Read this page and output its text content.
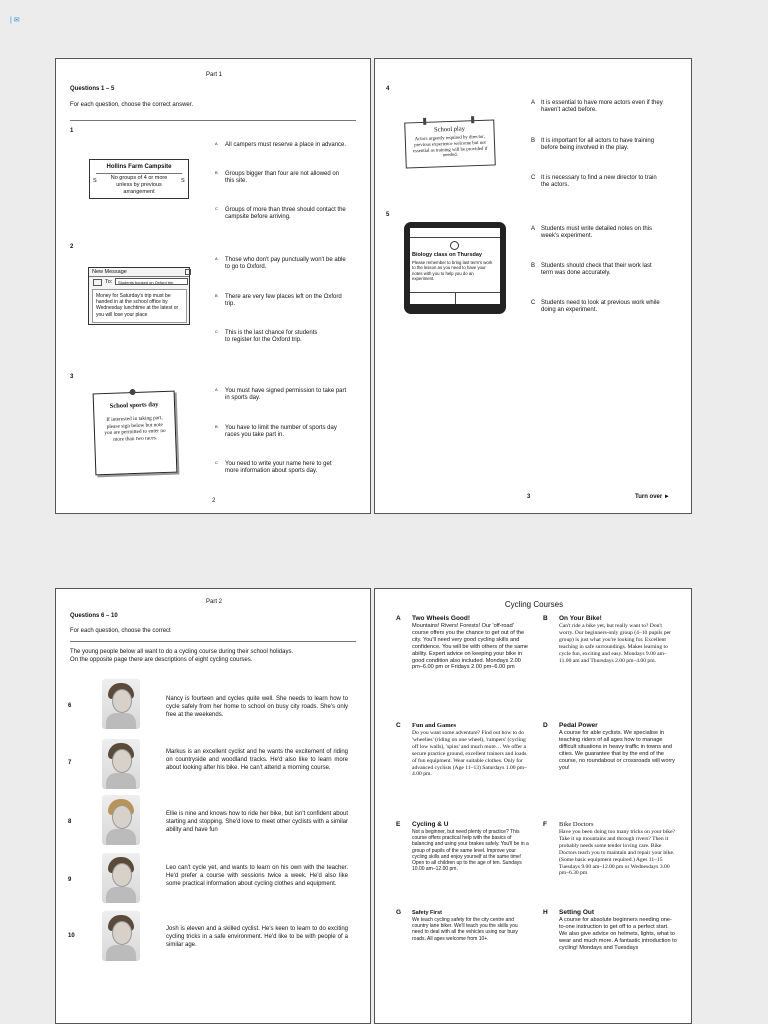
| ✉
Part 1
Questions 1 – 5
For each question, choose the correct answer.
1
Hollins Farm Campsite
No groups of 4 or more unless by previous arrangement
S	S
A All campers must reserve a place in advance.
B Groups bigger than four are not allowed on this site.
C Groups of more than three should contact the campsite before arriving.
2
New Message
To:	Students booked on Oxford trip
Money for Saturday's trip must be handed in at the school office by Wednesday lunchtime at the latest or you will lose your place
A Those who don't pay punctually won't be able to go to Oxford.
B There are very few places left on the Oxford trip.
C This is the last chance for students to register for the Oxford trip.
3
School sports day
If interested in taking part, please sign below but note you are permitted to enter no more than two races.
A You must have signed permission to take part in sports day.
B You have to limit the number of sports day races you take part in.
C You need to write your name here to get more information about sports day.
2
4
School play
Actors urgently required by director, previous experience welcome but not essential as training will be provided if needed.
A It is essential to have more actors even if they haven't acted before.
B It is important for all actors to have training before being involved in the play.
C It is necessary to find a new director to train the actors.
5
Biology class on Thursday
Please remember to bring last term's work to the lesson as you need to have your notes with you to help you do an experiment.
A Students must write detailed notes on this week's experiment.
B Students should check that their work last term was done accurately.
C Students need to look at previous work while doing an experiment.
3	Turn over ►
Part 2
Questions 6 – 10
For each question, choose the correct
The young people below all want to do a cycling course during their school holidays. On the opposite page there are descriptions of eight cycling courses.
6
Nancy is fourteen and cycles quite well. She needs to learn how to cycle safely from her home to school on busy city roads. She's only free at the weekends.
7
Markus is an excellent cyclist and he wants the excitement of riding on countryside and woodland tracks. He'd also like to learn more about looking after his bike. He can't attend a morning course.
8
Ellie is nine and knows how to ride her bike, but isn't confident about starting and stopping. She'd love to meet other cyclists with a similar ability and have fun
9
Leo can't cycle yet, and wants to learn on his own with the teacher. He'd prefer a course with sessions twice a week. He'd also like some practical information about cycling clothes and equipment.
10
Josh is eleven and a skilled cyclist. He's keen to learn to do exciting cycling tricks in a safe environment. He'd like to be with people of a similar age.
Cycling Courses
A Two Wheels Good!
Mountains! Rivers! Forests! Our 'off-road' course offers you the chance to get out of the city. You'll need very good cycling skills and confidence. You will be with others of the same ability. Expert advice on keeping your bike in good condition also included. Mondays 2.00 pm–6.00 pm or Fridays 2.00 pm–6.00 pm
B On Your Bike!
Can't ride a bike yet, but really want to? Don't worry. Our beginners-only group (4–10 pupils per group) is just what you're looking for. Excellent teaching in safe surroundings. Makes learning to cycle fun, exciting and easy. Mondays 9.00 am–11.00 am and Thursdays 2.00 pm–4.00 pm.
C Fun and Games
Do you want some adventure? Find out how to do 'wheelies' (riding on one wheel), 'rampers' (cycling off low walls), 'spins' and much more… We offer a secure practice ground, excellent trainers and loads of fun equipment. Wear suitable clothes. Only for advanced cyclists (Age 11–13) Saturdays 1.00 pm–4.00 pm.
D Pedal Power
A course for able cyclists. We specialise in teaching riders of all ages how to manage difficult situations in heavy traffic in towns and cities. We guarantee that by the end of the course, no roundabout or crossroads will worry you!
E Cycling & U
Not a beginner, but need plenty of practice? This course offers practical help with the basics of balancing and using your brakes safely. You'll be in a group of pupils of the same level. Improve your cycling skills and enjoy yourself at the same time! Open to all children up to the age of ten. Sundays 10.00 am–12.00 pm.
F Bike Doctors
Have you been doing too many tricks on your bike? Take it up mountains and through rivers? Then it probably needs some tender loving care. Bike Doctors teach you to maintain and repair your bike. (Some basic equipment required.) Ages 11–15 Tuesdays 9.00 am–12.00 pm or Wednesdays 3.00 pm–6.30 pm
G Safety First
We teach cycling safety for the city centre and country lane biker. We'll teach you the skills you need to deal with all the vehicles using our busy roads. All ages welcome from 10+.
H Setting Out
A course for absolute beginners needing one-to-one instruction to get off to a perfect start. We also give advice on helmets, lights, what to wear and much more. A fantastic introduction to cycling! Mondays and Tuesdays
